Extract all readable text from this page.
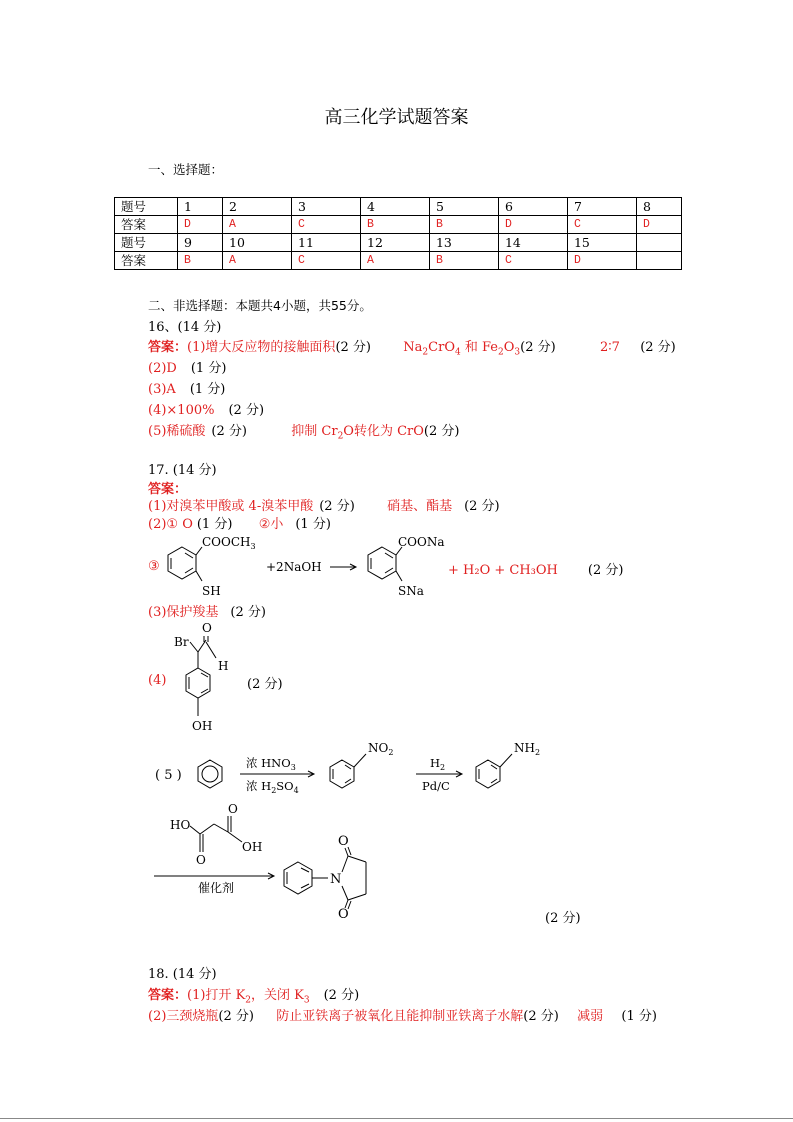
高三化学试题答案
一、选择题：
题号	1	2	3	4	5	6	7	8
答案	D	A	C	B	B	D	C	D
题号	9	10	11	12	13	14	15	
答案	B	A	C	A	B	C	D	
二、非选择题：本题共4小题，共55分。
16、(14 分)
答案：(1)增大反应物的接触面积(2 分) $Na_2CrO_4$ 和 $Fe_2O_3(2$ 分)	2∶7 (2 分)
(2)D (1 分)
(3)A (1 分)
(4)×100% (2 分)
(5)稀硫酸 (2 分)	抑制 $Cr_2O$转化为 CrO(2 分)
17. (14 分)
答案：
(1)对溴苯甲酸或 4-溴苯甲酸 (2 分) 硝基、酯基 (2 分)
(2)① O (1 分) ②小 (1 分)
③
$COOCH_3$
SH
+2NaOH
COONa
SNa
+ H₂O + CH₃OH (2 分)
(3)保护羧基 (2 分)
(4)
Br
O
H
OH
(2 分)
( 5 )
浓 $HNO_3$
浓 $H_2SO_4$
$NO_2$
$H_2$
Pd/C
$NH_2$
HO
O
O
OH
催化剂
N
O
O	(2 分)
18. (14 分)
答案：(1)打开 $K_2$，关闭 $K_3$ (2 分)
(2)三颈烧瓶(2 分) 防止亚铁离子被氧化且能抑制亚铁离子水解(2 分) 减弱 (1 分)
